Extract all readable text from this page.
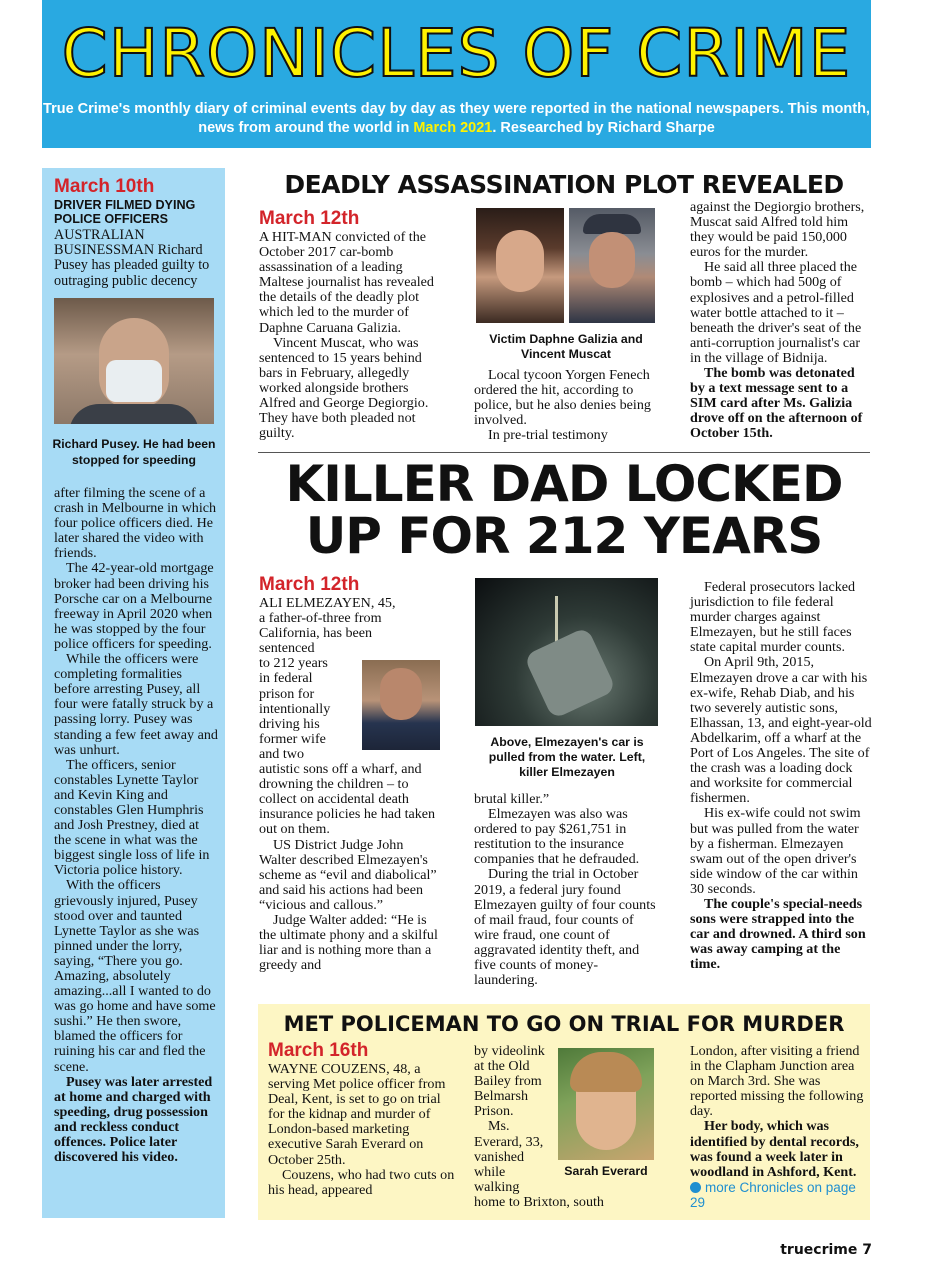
CHRONICLES OF CRIME
True Crime's monthly diary of criminal events day by day as they were reported in the national newspapers. This month, news from around the world in March 2021. Researched by Richard Sharpe
March 10th
DRIVER FILMED DYING POLICE OFFICERS
AUSTRALIAN BUSINESSMAN Richard Pusey has pleaded guilty to outraging public decency
Richard Pusey. He had been stopped for speeding

after filming the scene of a crash in Melbourne in which four police officers died. He later shared the video with friends.

The 42-year-old mortgage broker had been driving his Porsche car on a Melbourne freeway in April 2020 when he was stopped by the four police officers for speeding.

While the officers were completing formalities before arresting Pusey, all four were fatally struck by a passing lorry. Pusey was standing a few feet away and was unhurt.

The officers, senior constables Lynette Taylor and Kevin King and constables Glen Humphris and Josh Prestney, died at the scene in what was the biggest single loss of life in Victoria police history.

With the officers grievously injured, Pusey stood over and taunted Lynette Taylor as she was pinned under the lorry, saying, “There you go. Amazing, absolutely amazing...all I wanted to do was go home and have some sushi.” He then swore, blamed the officers for ruining his car and fled the scene.

Pusey was later arrested at home and charged with speeding, drug possession and reckless conduct offences. Police later discovered his video.

DEADLY ASSASSINATION PLOT REVEALED
March 12th

A HIT-MAN convicted of the October 2017 car-bomb assassination of a leading Maltese journalist has revealed the details of the deadly plot which led to the murder of Daphne Caruana Galizia.

Vincent Muscat, who was sentenced to 15 years behind bars in February, allegedly worked alongside brothers Alfred and George Degiorgio. They have both pleaded not guilty.

Victim Daphne Galizia and Vincent Muscat

Local tycoon Yorgen Fenech ordered the hit, according to police, but he also denies being involved.

In pre-trial testimony

against the Degiorgio brothers, Muscat said Alfred told him they would be paid 150,000 euros for the murder.

He said all three placed the bomb – which had 500g of explosives and a petrol-filled water bottle attached to it – beneath the driver's seat of the anti-corruption journalist's car in the village of Bidnija.

The bomb was detonated by a text message sent to a SIM card after Ms. Galizia drove off on the afternoon of October 15th.

KILLER DAD LOCKED
UP FOR 212 YEARS
March 12th
ALI ELMEZAYEN, 45,
a father-of-three from
California, has been
sentenced
to 212 years
in federal
prison for
intentionally
driving his
former wife
and two

autistic sons off a wharf, and drowning the children – to collect on accidental death insurance policies he had taken out on them.

US District Judge John Walter described Elmezayen's scheme as “evil and diabolical” and said his actions had been “vicious and callous.”

Judge Walter added: “He is the ultimate phony and a skilful liar and is nothing more than a greedy and

Above, Elmezayen's car is pulled from the water. Left, killer Elmezayen

brutal killer.”

Elmezayen was also was ordered to pay $261,751 in restitution to the insurance companies that he defrauded.

During the trial in October 2019, a federal jury found Elmezayen guilty of four counts of mail fraud, four counts of wire fraud, one count of aggravated identity theft, and five counts of money-laundering.

Federal prosecutors lacked jurisdiction to file federal murder charges against Elmezayen, but he still faces state capital murder counts.

On April 9th, 2015, Elmezayen drove a car with his ex-wife, Rehab Diab, and his two severely autistic sons, Elhassan, 13, and eight-year-old Abdelkarim, off a wharf at the Port of Los Angeles. The site of the crash was a loading dock and worksite for commercial fishermen.

His ex-wife could not swim but was pulled from the water by a fisherman. Elmezayen swam out of the open driver's side window of the car within 30 seconds.

The couple's special-needs sons were strapped into the car and drowned. A third son was away camping at the time.

MET POLICEMAN TO GO ON TRIAL FOR MURDER
March 16th

WAYNE COUZENS, 48, a serving Met police officer from Deal, Kent, is set to go on trial for the kidnap and murder of London-based marketing executive Sarah Everard on October 25th.

Couzens, who had two cuts on his head, appeared

by videolink
at the Old
Bailey from
Belmarsh
Prison.
Ms.
Everard, 33,
vanished
while
walking
home to Brixton, south
Sarah Everard

London, after visiting a friend in the Clapham Junction area on March 3rd. She was reported missing the following day.

Her body, which was identified by dental records, was found a week later in woodland in Ashford, Kent.

more Chronicles on page 29
truecrime 7
